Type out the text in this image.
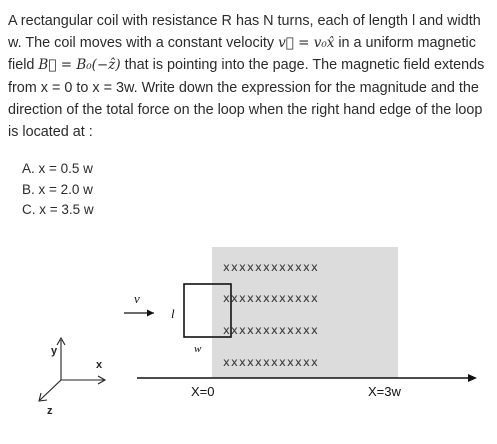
A rectangular coil with resistance R has N turns, each of length l and width w. The coil moves with a constant velocity v⃗ = v₀x̂ in a uniform magnetic field B⃗ = B₀(−ẑ) that is pointing into the page. The magnetic field extends from x = 0 to x = 3w. Write down the expression for the magnitude and the direction of the total force on the loop when the right hand edge of the loop is located at :
A. x = 0.5 w
B. x = 2.0 w
C. x = 3.5 w
xxxxxxxxxxxx
xxxxxxxxxxxx
xxxxxxxxxxxx
xxxxxxxxxxxx
v⃗
l
w
X=0	X=3w
y
x
z
